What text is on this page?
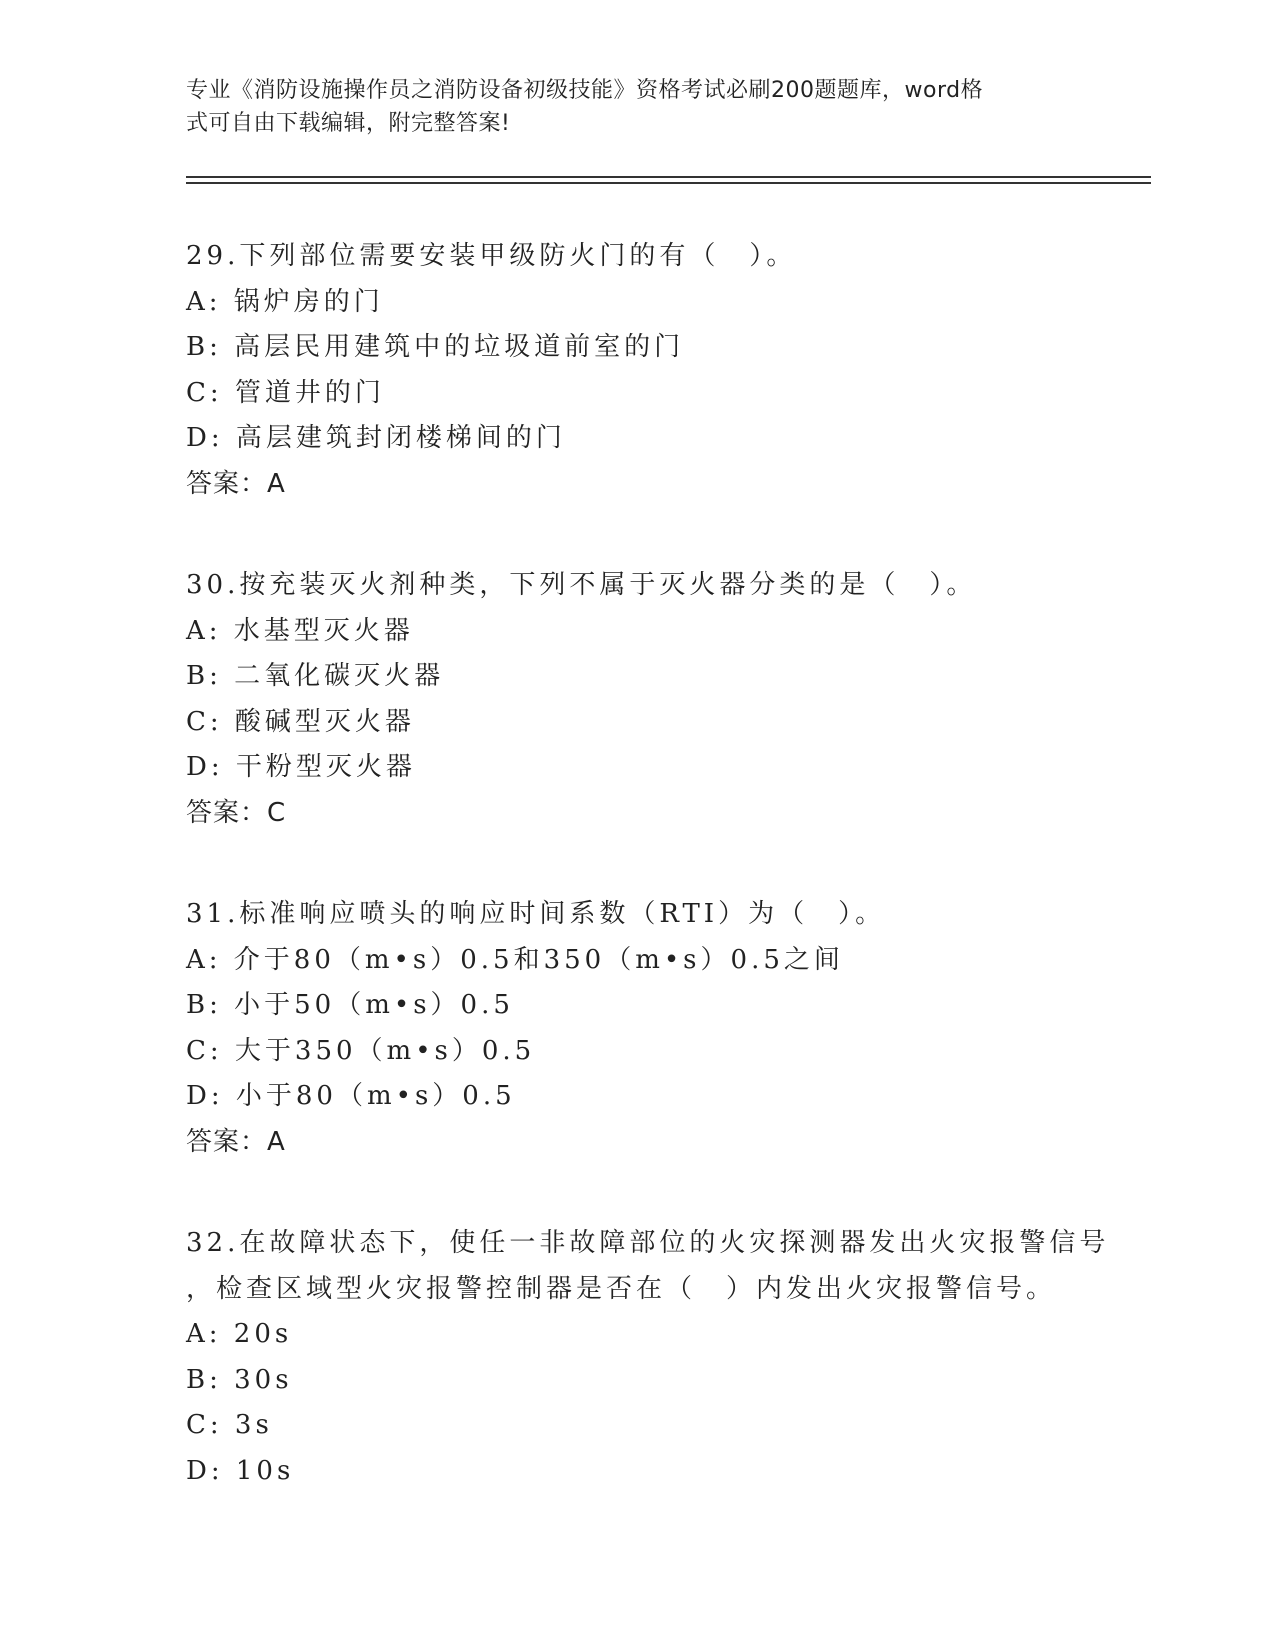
专业《消防设施操作员之消防设备初级技能》资格考试必刷200题题库，word格
式可自由下载编辑，附完整答案!
29.下列部位需要安装甲级防火门的有（　）。
A: 锅炉房的门
B: 高层民用建筑中的垃圾道前室的门
C: 管道井的门
D: 高层建筑封闭楼梯间的门
答案：A
30.按充装灭火剂种类，下列不属于灭火器分类的是（　）。
A: 水基型灭火器
B: 二氧化碳灭火器
C: 酸碱型灭火器
D: 干粉型灭火器
答案：C
31.标准响应喷头的响应时间系数（RTI）为（　）。
A: 介于80（m•s）0.5和350（m•s）0.5之间
B: 小于50（m•s）0.5
C: 大于350（m•s）0.5
D: 小于80（m•s）0.5
答案：A
32.在故障状态下，使任一非故障部位的火灾探测器发出火灾报警信号
，检查区域型火灾报警控制器是否在（　）内发出火灾报警信号。
A: 20s
B: 30s
C: 3s
D: 10s
